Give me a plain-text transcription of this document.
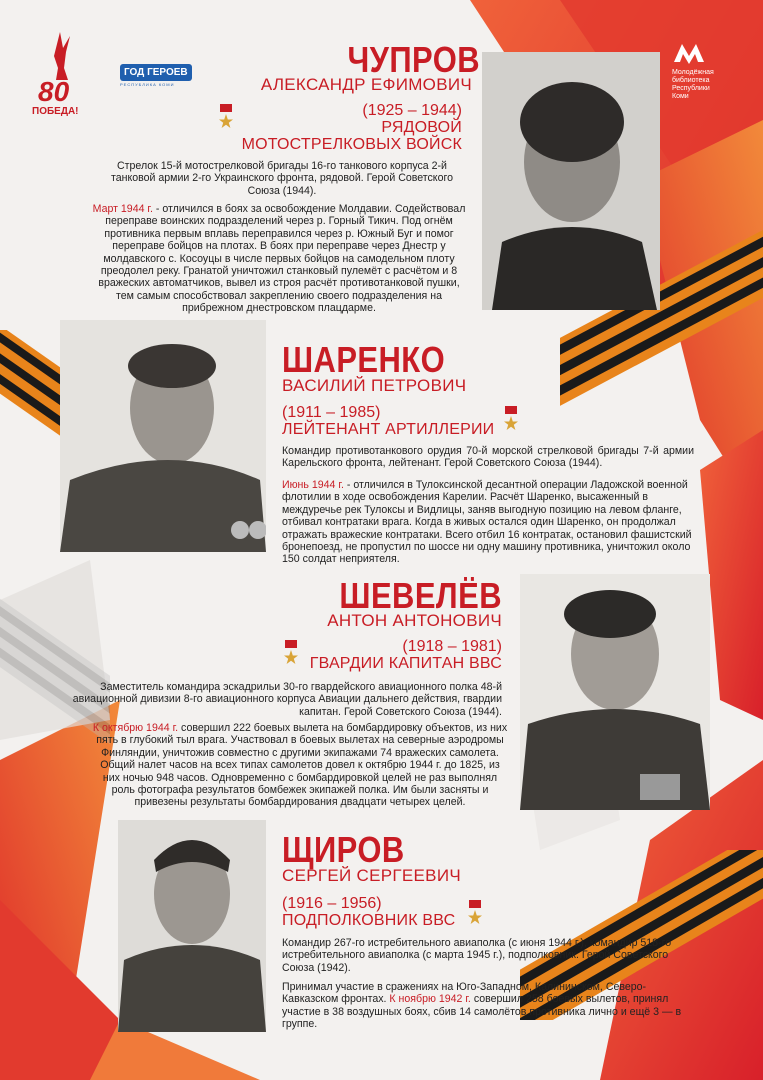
80
ПОБЕДА!
ГОД ГЕРОЕВ
РЕСПУБЛИКА КОМИ
Молодёжная библиотека Республики Коми
ЧУПРОВ
АЛЕКСАНДР ЕФИМОВИЧ
(1925 – 1944)
РЯДОВОЙ
МОТОСТРЕЛКОВЫХ ВОЙСК
Стрелок 15-й мотострелковой бригады 16-го танкового корпуса 2-й танковой армии 2-го Украинского фронта, рядовой. Герой Советского Союза (1944).
Март 1944 г. - отличился в боях за освобождение Молдавии. Содействовал переправе воинских подразделений через р. Горный Тикич. Под огнём противника первым вплавь переправился через р. Южный Буг и помог переправе бойцов на плотах. В боях при переправе через Днестр у молдавского с. Косоуцы в числе первых бойцов на самодельном плоту преодолел реку. Гранатой уничтожил станковый пулемёт с расчётом и 8 вражеских автоматчиков, вывел из строя расчёт противотанковой пушки, тем самым способствовал закреплению своего подразделения на прибрежном днестровском плацдарме.
ШАРЕНКО
ВАСИЛИЙ ПЕТРОВИЧ
(1911 – 1985)
ЛЕЙТЕНАНТ АРТИЛЛЕРИИ
Командир противотанкового орудия 70-й морской стрелковой бригады 7-й армии Карельского фронта, лейтенант. Герой Советского Союза (1944).
Июнь 1944 г. - отличился в Тулоксинской десантной операции Ладожской военной флотилии в ходе освобождения Карелии. Расчёт Шаренко, высаженный в междуречье рек Тулоксы и Видлицы, заняв выгодную позицию на левом фланге, отбивал контратаки врага. Когда в живых остался один Шаренко, он продолжал отражать вражеские контратаки. Всего отбил 16 контратак, остановил фашистский бронепоезд, не пропустил по шоссе ни одну машину противника, уничтожил около 150 солдат неприятеля.
ШЕВЕЛЁВ
АНТОН АНТОНОВИЧ
(1918 – 1981)
ГВАРДИИ КАПИТАН ВВС
Заместитель командира эскадрильи 30-го гвардейского авиационного полка 48-й авиационной дивизии 8-го авиационного корпуса Авиации дальнего действия, гвардии капитан. Герой Советского Союза (1944).
К октябрю 1944 г. совершил 222 боевых вылета на бомбардировку объектов, из них пять в глубокий тыл врага. Участвовал в боевых вылетах на северные аэродромы Финляндии, уничтожив совместно с другими экипажами 74 вражеских самолета. Общий налет часов на всех типах самолетов довел к октябрю 1944 г. до 1825, из них ночью 948 часов. Одновременно с бомбардировкой целей не раз выполнял роль фотографа результатов бомбежек экипажей полка. Им были засняты и привезены результаты бомбардирования двадцати четырех целей.
ЩИРОВ
СЕРГЕЙ СЕРГЕЕВИЧ
(1916 – 1956)
ПОДПОЛКОВНИК ВВС
Командир 267-го истребительного авиаполка (с июня 1944 г.), командир 518-го истребительного авиаполка (с марта 1945 г.), подполковник. Герой Советского Союза (1942).
Принимал участие в сражениях на Юго-Западном, Калининском, Северо-Кавказском фронтах. К ноябрю 1942 г. совершил 258 боевых вылетов, принял участие в 38 воздушных боях, сбив 14 самолётов противника лично и ещё 3 — в группе.
